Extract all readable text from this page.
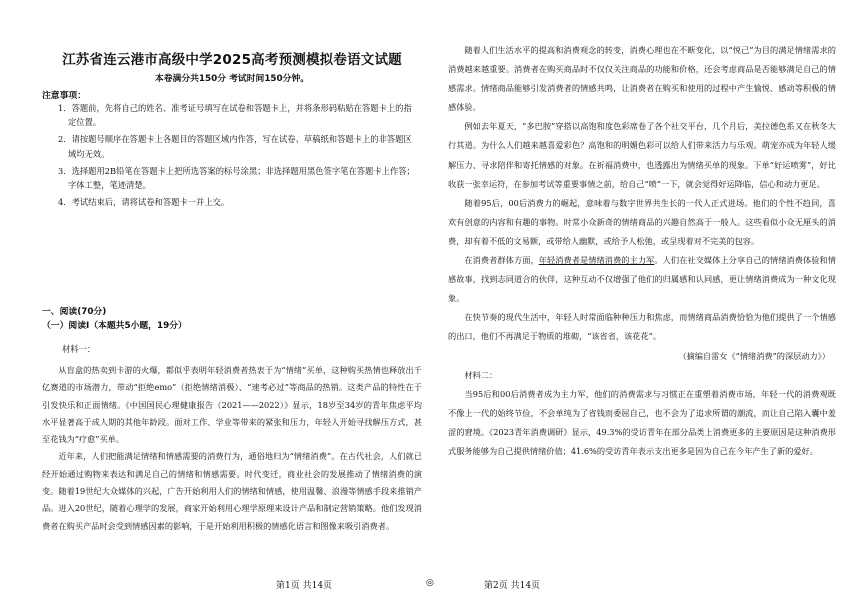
江苏省连云港市高级中学2025高考预测模拟卷语文试题
本卷满分共150分 考试时间150分钟。
注意事项：
1．答题前，先将自己的姓名、准考证号填写在试卷和答题卡上，并将条形码粘贴在答题卡上的指定位置。
2．请按题号顺序在答题卡上各题目的答题区域内作答，写在试卷、草稿纸和答题卡上的非答题区域均无效。
3．选择题用2B铅笔在答题卡上把所选答案的标号涂黑；非选择题用黑色签字笔在答题卡上作答；字体工整，笔迹清楚。
4．考试结束后，请将试卷和答题卡一并上交。
一、阅读(70分)
（一）阅读Ⅰ（本题共5小题，19分）
材料一：

从盲盒的热卖到卡游的火爆，都似乎表明年轻消费者热衷于为“情绪”买单，这种购买热情也释放出千亿赛道的市场潜力，带动“拒绝emo”（拒绝情绪消极）、“速考必过”等商品的热销。这类产品的特性在于引发快乐和正面情绪。《中国国民心理健康报告（2021——2022）》显示，18岁至34岁的青年焦虑平均水平显著高于成人期的其他年龄段。面对工作、学业等带来的紧张和压力，年轻人开始寻找解压方式，甚至花钱为“疗愈”买单。

近年来，人们把能满足情绪和情感需要的消费行为，通俗地归为“情绪消费”。在古代社会，人们就已经开始通过购物来表达和满足自己的情绪和情感需要。时代变迁，商业社会的发展推动了情绪消费的演变。随着19世纪大众媒体的兴起，广告开始利用人们的情绪和情感，使用温馨、浪漫等情感手段来推销产品。进入20世纪，随着心理学的发展，商家开始利用心理学原理来设计产品和制定营销策略。他们发现消费者在购买产品时会受到情感因素的影响，于是开始利用积极的情感化语言和图像来吸引消费者。

随着人们生活水平的提高和消费观念的转变，消费心理也在不断变化，以“悦己”为目的满足情绪需求的消费越来越重要。消费者在购买商品时不仅仅关注商品的功能和价格，还会考虑商品是否能够满足自己的情感需求。情绪商品能够引发消费者的情感共鸣，让消费者在购买和使用的过程中产生愉悦、感动等积极的情感体验。

例如去年夏天，“多巴胺”穿搭以高饱和度色彩席卷了各个社交平台，几个月后，美拉德色系又在秋冬大行其道。为什么人们越来越喜爱彩色？高饱和的明媚色彩可以给人们带来活力与乐观。萌宠亦成为年轻人缓解压力、寻求陪伴和寄托情感的对象。在祈福消费中，也透露出为情绪买单的现象。下单“好运喷雾”，好比收获一张幸运符，在参加考试等重要事情之前，给自己“喷”一下，就会觉得好运降临，信心和动力更足。

随着95后，00后消费力的崛起，意味着与数字世界共生长的一代人正式进场。他们的个性不趋同，喜欢有创意的内容和有趣的事物。时常小众新奇的情绪商品的兴趣自然高于一般人。这些看似小众无厘头的消费，却有着不低的文易额，或带给人幽默，或给予人松弛，或呈现着对不完美的包容。

在消费者群体方面，年轻消费者是情绪消费的主力军。人们在社交媒体上分享自己的情绪消费体验和情感故事，找到志同道合的伙伴，这种互动不仅增强了他们的归属感和认同感，更让情绪消费成为一种文化现象。

在快节奏的现代生活中，年轻人时常面临种种压力和焦虑，而情绪商品消费恰恰为他们提供了一个情感的出口，他们不再满足于物质的堆砌，“该省省，该花花”。

（摘编自雷女《“情绪消费”的深层动力》）

材料二：

当95后和00后消费者成为主力军，他们的消费需求与习惯正在重塑着消费市场，年轻一代的消费观既不像上一代的始终节俭，不会单纯为了省钱而委屈自己，也不会为了追求所谓的潮流，而让自己陷入囊中羞涩的窘境。《2023青年消费调研》显示，49.3%的受访青年在部分品类上消费更多的主要原因是这种消费形式服务能够为自己提供情绪价值；41.6%的受访青年表示支出更多是因为自己在今年产生了新的爱好。

第1页 共14页	◎	第2页 共14页
